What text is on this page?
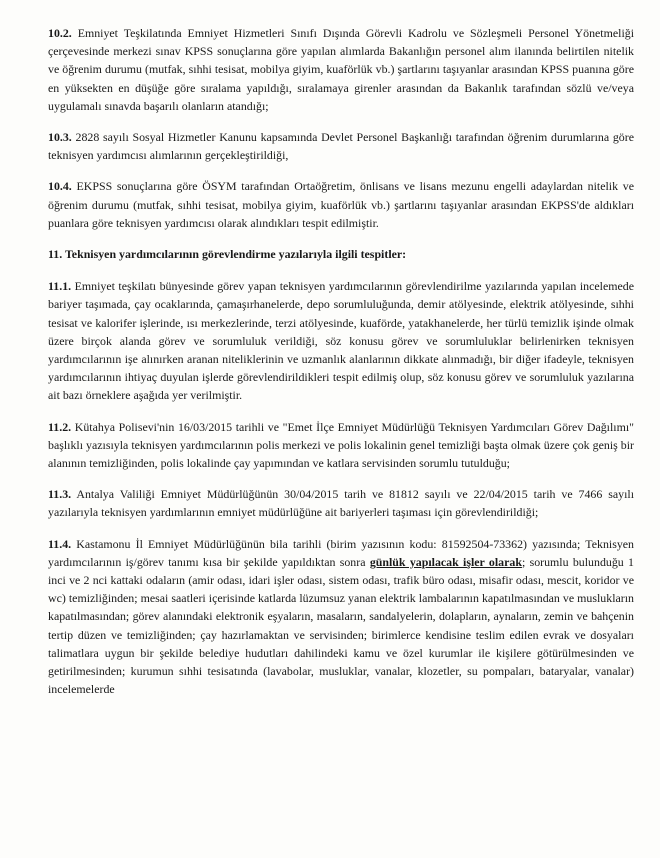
10.2. Emniyet Teşkilatında Emniyet Hizmetleri Sınıfı Dışında Görevli Kadrolu ve Sözleşmeli Personel Yönetmeliği çerçevesinde merkezi sınav KPSS sonuçlarına göre yapılan alımlarda Bakanlığın personel alım ilanında belirtilen nitelik ve öğrenim durumu (mutfak, sıhhi tesisat, mobilya giyim, kuaförlük vb.) şartlarını taşıyanlar arasından KPSS puanına göre en yüksekten en düşüğe göre sıralama yapıldığı, sıralamaya girenler arasından da Bakanlık tarafından sözlü ve/veya uygulamalı sınavda başarılı olanların atandığı;

10.3. 2828 sayılı Sosyal Hizmetler Kanunu kapsamında Devlet Personel Başkanlığı tarafından öğrenim durumlarına göre teknisyen yardımcısı alımlarının gerçekleştirildiği,

10.4. EKPSS sonuçlarına göre ÖSYM tarafından Ortaöğretim, önlisans ve lisans mezunu engelli adaylardan nitelik ve öğrenim durumu (mutfak, sıhhi tesisat, mobilya giyim, kuaförlük vb.) şartlarını taşıyanlar arasından EKPSS'de aldıkları puanlara göre teknisyen yardımcısı olarak alındıkları tespit edilmiştir.

11. Teknisyen yardımcılarının görevlendirme yazılarıyla ilgili tespitler:

11.1. Emniyet teşkilatı bünyesinde görev yapan teknisyen yardımcılarının görevlendirilme yazılarında yapılan incelemede bariyer taşımada, çay ocaklarında, çamaşırhanelerde, depo sorumluluğunda, demir atölyesinde, elektrik atölyesinde, sıhhi tesisat ve kalorifer işlerinde, ısı merkezlerinde, terzi atölyesinde, kuaförde, yatakhanelerde, her türlü temizlik işinde olmak üzere birçok alanda görev ve sorumluluk verildiği, söz konusu görev ve sorumluluklar belirlenirken teknisyen yardımcılarının işe alınırken aranan niteliklerinin ve uzmanlık alanlarının dikkate alınmadığı, bir diğer ifadeyle, teknisyen yardımcılarının ihtiyaç duyulan işlerde görevlendirildikleri tespit edilmiş olup, söz konusu görev ve sorumluluk yazılarına ait bazı örneklere aşağıda yer verilmiştir.

11.2. Kütahya Polisevi'nin 16/03/2015 tarihli ve "Emet İlçe Emniyet Müdürlüğü Teknisyen Yardımcıları Görev Dağılımı" başlıklı yazısıyla teknisyen yardımcılarının polis merkezi ve polis lokalinin genel temizliği başta olmak üzere çok geniş bir alanının temizliğinden, polis lokalinde çay yapımından ve katlara servisinden sorumlu tutulduğu;

11.3. Antalya Valiliği Emniyet Müdürlüğünün 30/04/2015 tarih ve 81812 sayılı ve 22/04/2015 tarih ve 7466 sayılı yazılarıyla teknisyen yardımlarının emniyet müdürlüğüne ait bariyerleri taşıması için görevlendirildiği;

11.4. Kastamonu İl Emniyet Müdürlüğünün bila tarihli (birim yazısının kodu: 81592504-73362) yazısında; Teknisyen yardımcılarının iş/görev tanımı kısa bir şekilde yapıldıktan sonra günlük yapılacak işler olarak; sorumlu bulunduğu 1 inci ve 2 nci kattaki odaların (amir odası, idari işler odası, sistem odası, trafik büro odası, misafir odası, mescit, koridor ve wc) temizliğinden; mesai saatleri içerisinde katlarda lüzumsuz yanan elektrik lambalarının kapatılmasından ve muslukların kapatılmasından; görev alanındaki elektronik eşyaların, masaların, sandalyelerin, dolapların, aynaların, zemin ve bahçenin tertip düzen ve temizliğinden; çay hazırlamaktan ve servisinden; birimlerce kendisine teslim edilen evrak ve dosyaları talimatlara uygun bir şekilde belediye hudutları dahilindeki kamu ve özel kurumlar ile kişilere götürülmesinden ve getirilmesinden; kurumun sıhhi tesisatında (lavabolar, musluklar, vanalar, klozetler, su pompaları, bataryalar, vanalar) incelemelerde
